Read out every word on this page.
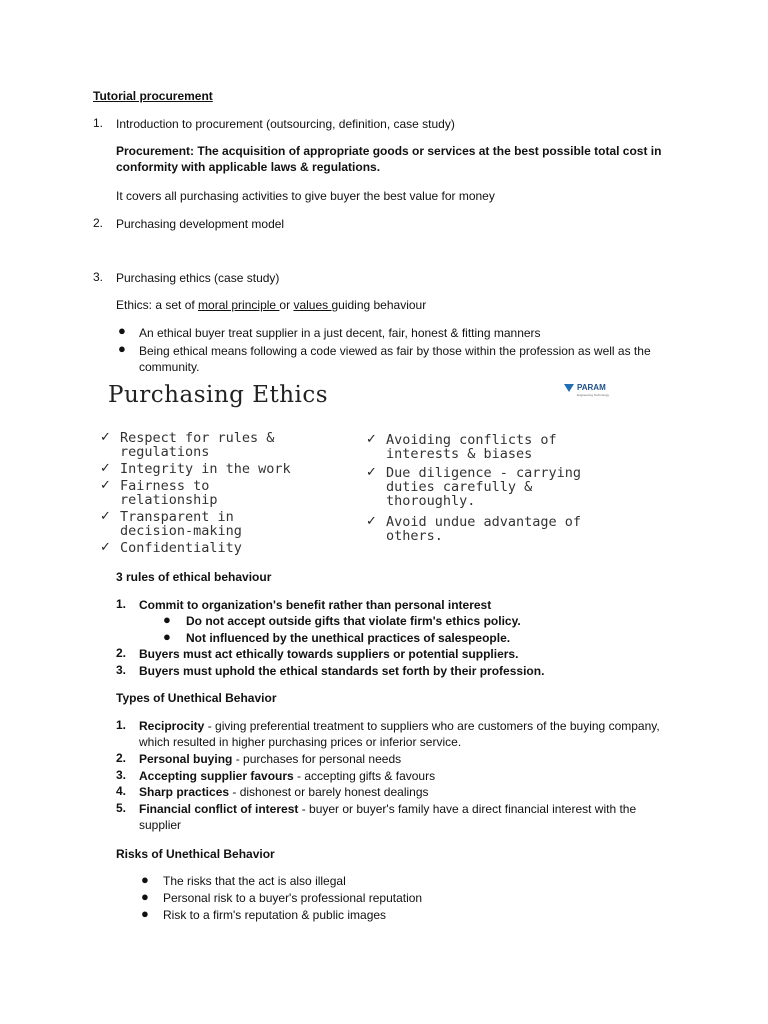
Tutorial procurement
1. Introduction to procurement (outsourcing, definition, case study)
Procurement: The acquisition of appropriate goods or services at the best possible total cost in conformity with applicable laws & regulations.
It covers all purchasing activities to give buyer the best value for money
2. Purchasing development model
3. Purchasing ethics (case study)
Ethics: a set of moral principle or values guiding behaviour
● An ethical buyer treat supplier in a just decent, fair, honest & fitting manners
● Being ethical means following a code viewed as fair by those within the profession as well as the community.
Purchasing Ethics	PARAM
Engineering Technology
✓ Respect for rules & regulations
✓ Integrity in the work
✓ Fairness to relationship
✓ Transparent in decision-making
✓ Confidentiality
✓ Avoiding conflicts of interests & biases
✓ Due diligence - carrying duties carefully & thoroughly.
✓ Avoid undue advantage of others.
3 rules of ethical behaviour
1. Commit to organization's benefit rather than personal interest
● Do not accept outside gifts that violate firm's ethics policy.
● Not influenced by the unethical practices of salespeople.
2. Buyers must act ethically towards suppliers or potential suppliers.
3. Buyers must uphold the ethical standards set forth by their profession.
Types of Unethical Behavior
1. Reciprocity - giving preferential treatment to suppliers who are customers of the buying company, which resulted in higher purchasing prices or inferior service.
2. Personal buying - purchases for personal needs
3. Accepting supplier favours - accepting gifts & favours
4. Sharp practices - dishonest or barely honest dealings
5. Financial conflict of interest - buyer or buyer's family have a direct financial interest with the supplier
Risks of Unethical Behavior
● The risks that the act is also illegal
● Personal risk to a buyer's professional reputation
● Risk to a firm's reputation & public images
